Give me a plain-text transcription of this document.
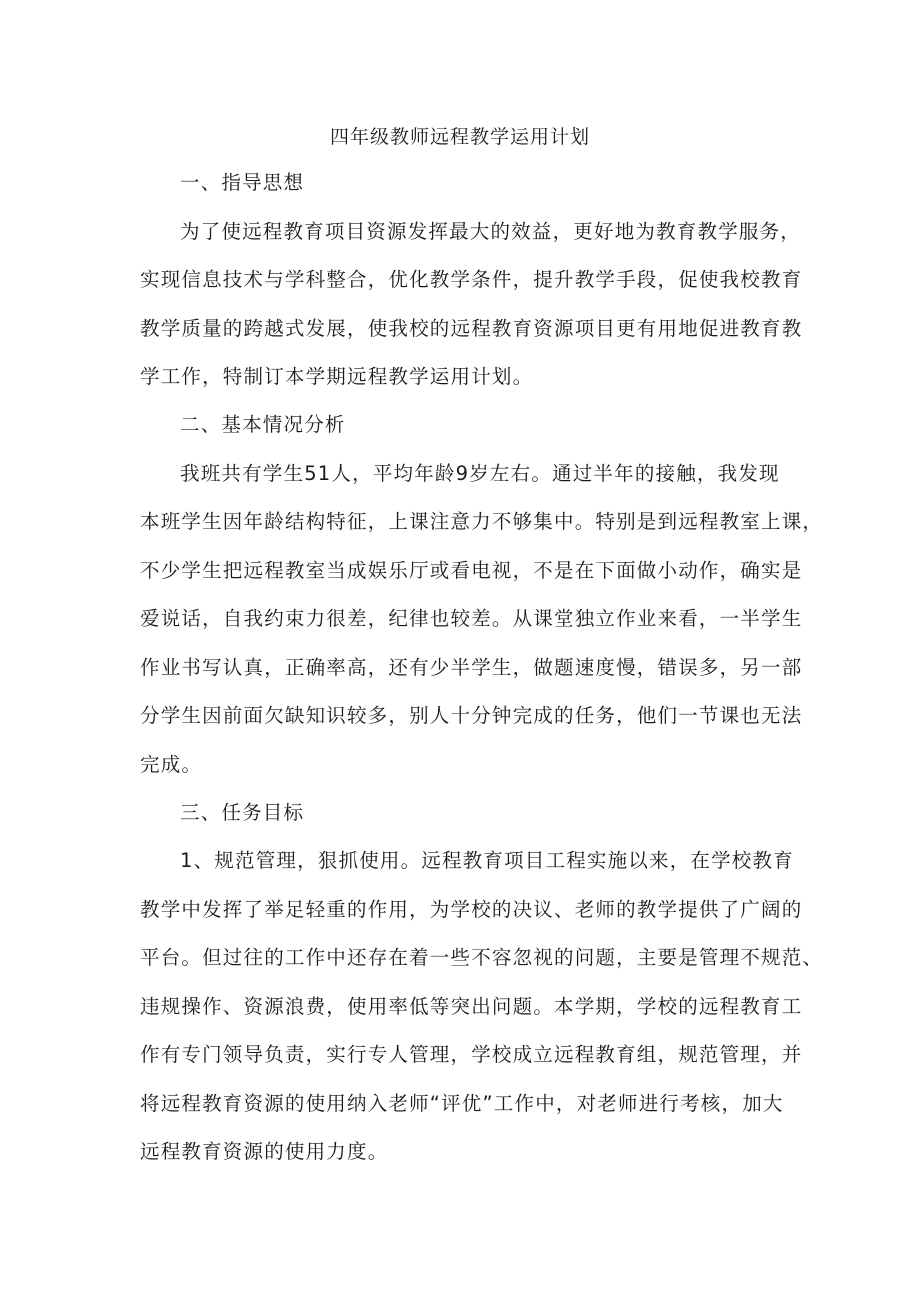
四年级教师远程教学运用计划
一、指导思想
为了使远程教育项目资源发挥最大的效益，更好地为教育教学服务，
实现信息技术与学科整合，优化教学条件，提升教学手段，促使我校教育
教学质量的跨越式发展，使我校的远程教育资源项目更有用地促进教育教
学工作，特制订本学期远程教学运用计划。
二、基本情况分析
我班共有学生51人，平均年龄9岁左右。通过半年的接触，我发现
本班学生因年龄结构特征，上课注意力不够集中。特别是到远程教室上课，
不少学生把远程教室当成娱乐厅或看电视，不是在下面做小动作，确实是
爱说话，自我约束力很差，纪律也较差。从课堂独立作业来看，一半学生
作业书写认真，正确率高，还有少半学生，做题速度慢，错误多，另一部
分学生因前面欠缺知识较多，别人十分钟完成的任务，他们一节课也无法
完成。
三、任务目标
1、规范管理，狠抓使用。远程教育项目工程实施以来，在学校教育
教学中发挥了举足轻重的作用，为学校的决议、老师的教学提供了广阔的
平台。但过往的工作中还存在着一些不容忽视的问题，主要是管理不规范、
违规操作、资源浪费，使用率低等突出问题。本学期，学校的远程教育工
作有专门领导负责，实行专人管理，学校成立远程教育组，规范管理，并
将远程教育资源的使用纳入老师“评优”工作中，对老师进行考核，加大
远程教育资源的使用力度。
